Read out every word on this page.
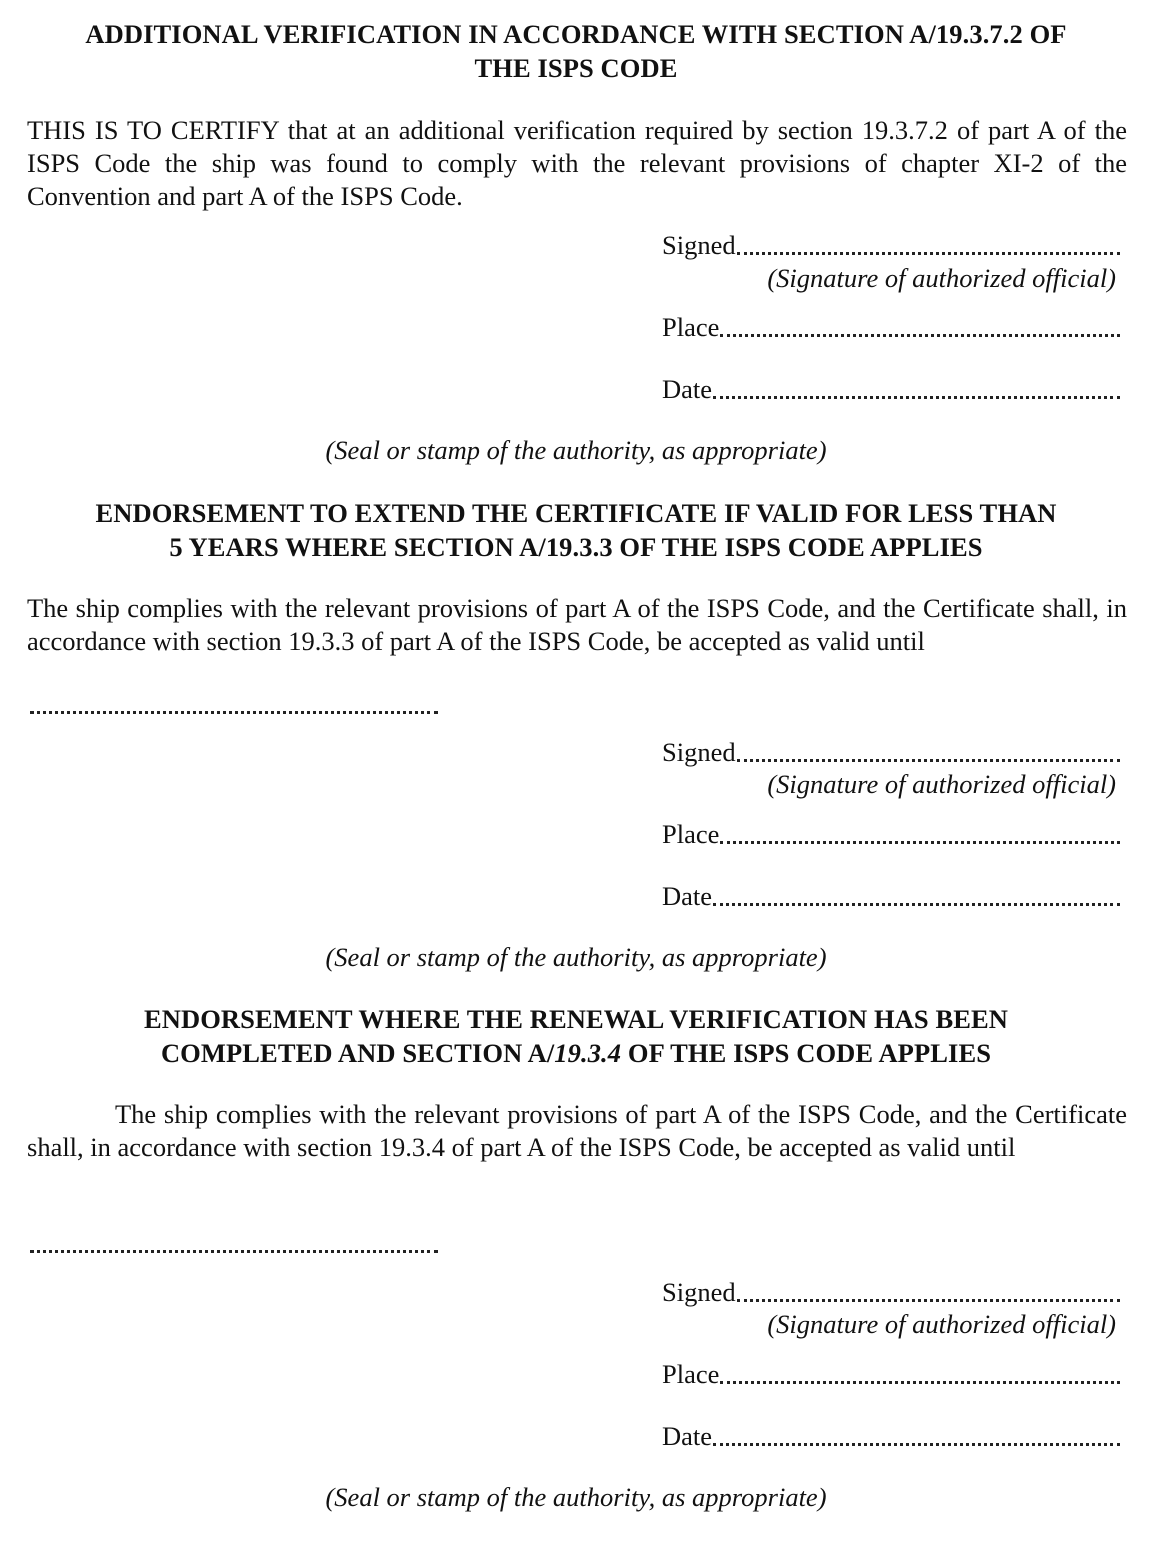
ADDITIONAL VERIFICATION IN ACCORDANCE WITH SECTION A/19.3.7.2 OF
THE ISPS CODE
THIS IS TO CERTIFY that at an additional verification required by section 19.3.7.2 of part A of the ISPS Code the ship was found to comply with the relevant provisions of chapter XI-2 of the Convention and part A of the ISPS Code.
Signed
(Signature of authorized official)
Place
Date
(Seal or stamp of the authority, as appropriate)
ENDORSEMENT TO EXTEND THE CERTIFICATE IF VALID FOR LESS THAN
5 YEARS WHERE SECTION A/19.3.3 OF THE ISPS CODE APPLIES
The ship complies with the relevant provisions of part A of the ISPS Code, and the Certificate shall, in accordance with section 19.3.3 of part A of the ISPS Code, be accepted as valid until
Signed
(Signature of authorized official)
Place
Date
(Seal or stamp of the authority, as appropriate)
ENDORSEMENT WHERE THE RENEWAL VERIFICATION HAS BEEN
COMPLETED AND SECTION A/19.3.4 OF THE ISPS CODE APPLIES
The ship complies with the relevant provisions of part A of the ISPS Code, and the Certificate shall, in accordance with section 19.3.4 of part A of the ISPS Code, be accepted as valid until
Signed
(Signature of authorized official)
Place
Date
(Seal or stamp of the authority, as appropriate)
